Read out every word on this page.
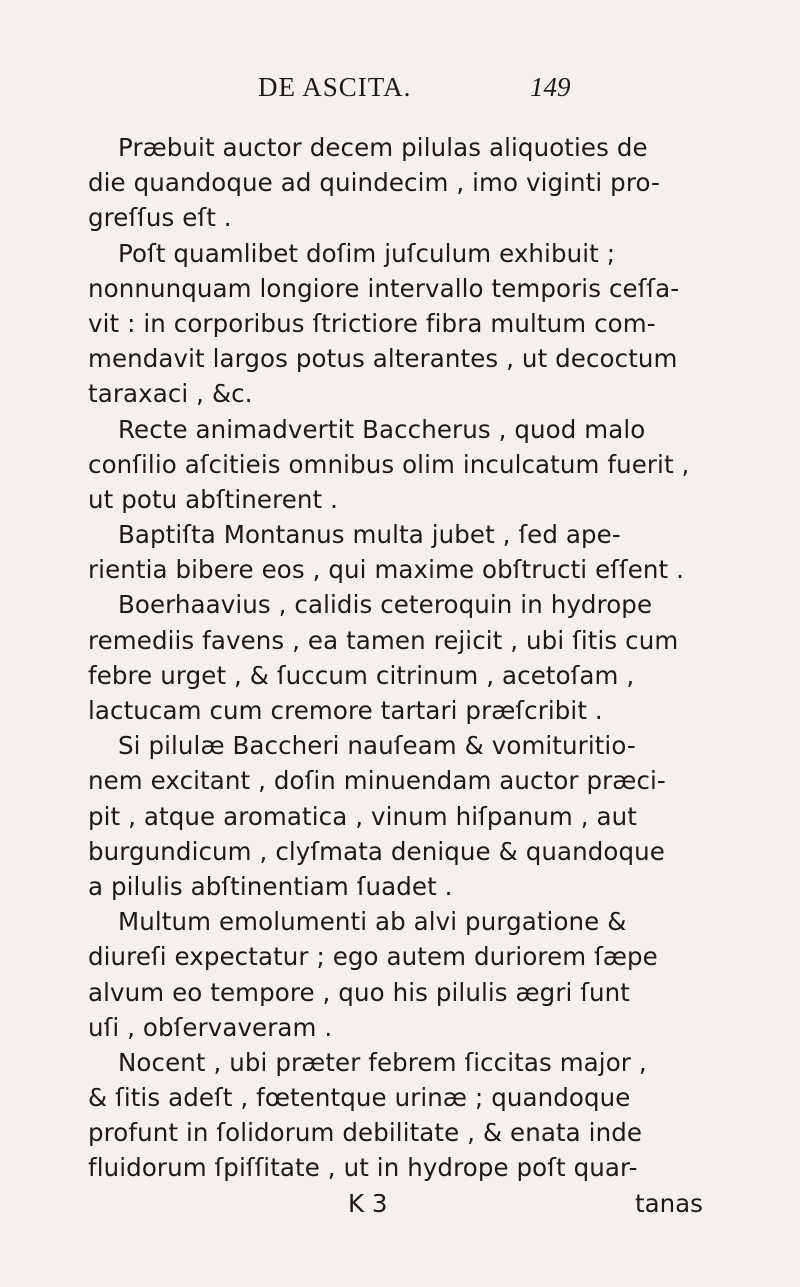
DE ASCITA.	149
Præbuit auctor decem pilulas aliquoties de
die quandoque ad quindecim , imo viginti pro-
greſſus eſt .
Poſt quamlibet doſim juſculum exhibuit ;
nonnunquam longiore intervallo temporis ceſſa-
vit : in corporibus ſtrictiore fibra multum com-
mendavit largos potus alterantes , ut decoctum
taraxaci , &c.
Recte animadvertit Baccherus , quod malo
conſilio aſcitieis omnibus olim inculcatum fuerit ,
ut potu abſtinerent .
Baptiſta Montanus multa jubet , ſed ape-
rientia bibere eos , qui maxime obſtructi eſſent .
Boerhaavius , calidis ceteroquin in hydrope
remediis favens , ea tamen rejicit , ubi ſitis cum
febre urget , & ſuccum citrinum , acetoſam ,
lactucam cum cremore tartari præſcribit .
Si pilulæ Baccheri nauſeam & vomituritio-
nem excitant , doſin minuendam auctor præci-
pit , atque aromatica , vinum hiſpanum , aut
burgundicum , clyſmata denique & quandoque
a pilulis abſtinentiam ſuadet .
Multum emolumenti ab alvi purgatione &
diureſi expectatur ; ego autem duriorem ſæpe
alvum eo tempore , quo his pilulis ægri ſunt
uſi , obſervaveram .
Nocent , ubi præter febrem ſiccitas major ,
& ſitis adeſt , fœtentque urinæ ; quandoque
profunt in ſolidorum debilitate , & enata inde
fluidorum ſpiſſitate , ut in hydrope poſt quar-
K 3	tanas
